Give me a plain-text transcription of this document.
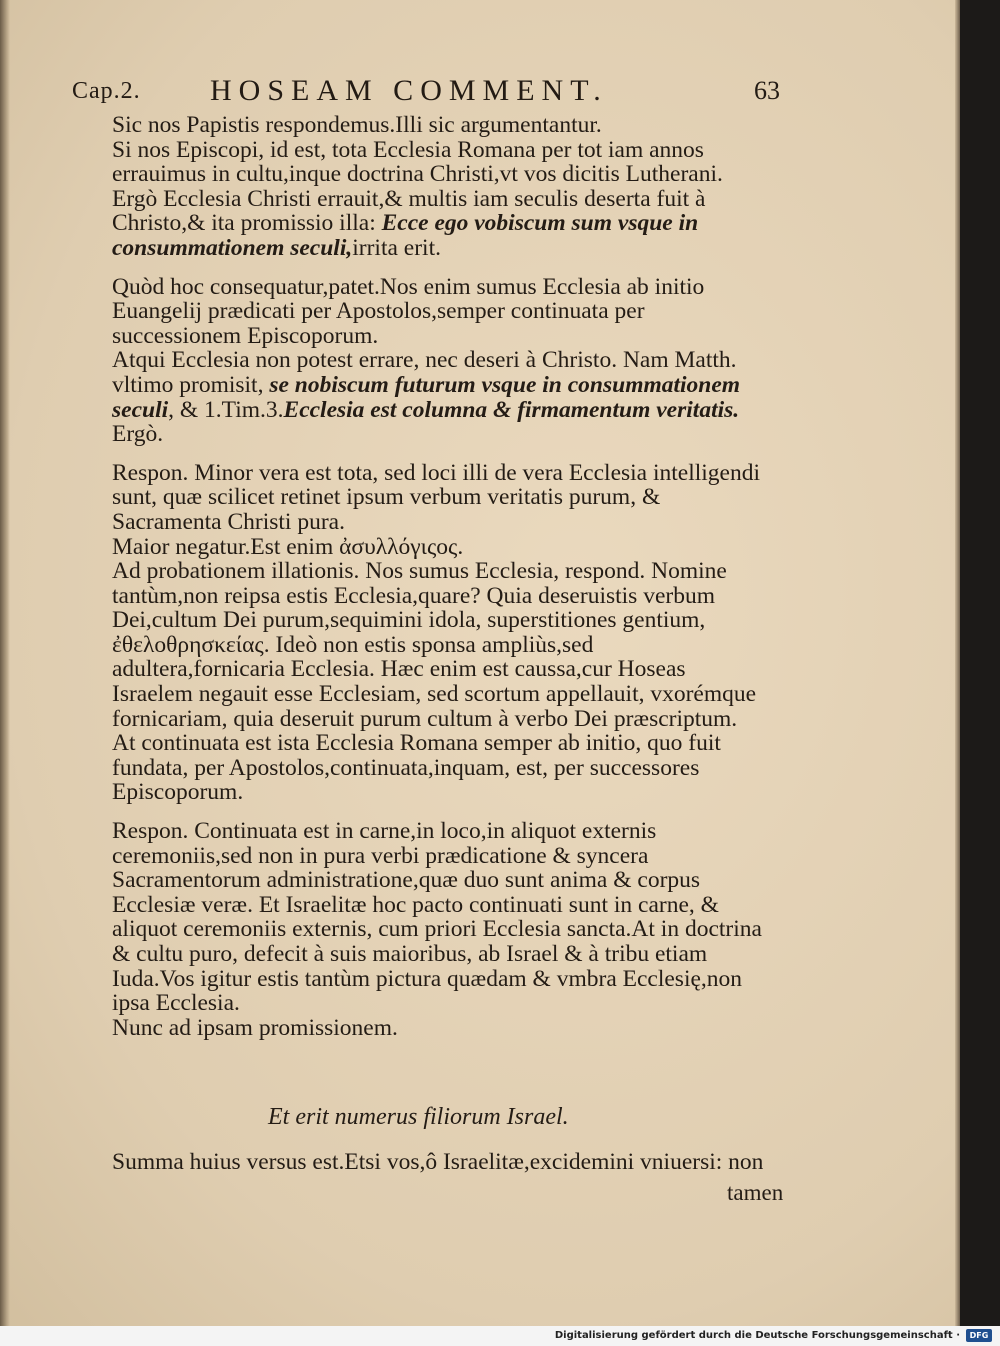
Cap.2. HOSEAM COMMENT.	63

Sic nos Papistis respondemus.Illi sic argumentantur.

Si nos Episcopi, id est, tota Ecclesia Romana per tot iam annos errauimus in cultu,inque doctrina Christi,vt vos dicitis Lutherani.

Ergò Ecclesia Christi errauit,& multis iam seculis deserta fuit à Christo,& ita promissio illa: Ecce ego vobiscum sum vsque in consummationem seculi,irrita erit.

Quòd hoc consequatur,patet.Nos enim sumus Ecclesia ab initio Euangelij prædicati per Apostolos,semper continuata per successionem Episcoporum.

Atqui Ecclesia non potest errare, nec deseri à Christo. Nam Matth. vltimo promisit, se nobiscum futurum vsque in consummationem seculi, & 1.Tim.3.Ecclesia est columna & firmamentum veritatis.

Ergò.

Respon. Minor vera est tota, sed loci illi de vera Ecclesia intelligendi sunt, quæ scilicet retinet ipsum verbum veritatis purum, & Sacramenta Christi pura.

Maior negatur.Est enim ἀσυλλόγιςος.

Ad probationem illationis. Nos sumus Ecclesia, respond. Nomine tantùm,non reipsa estis Ecclesia,quare? Quia deseruistis verbum Dei,cultum Dei purum,sequimini idola, superstitiones gentium, ἐθελοθρησκείας. Ideò non estis sponsa ampliùs,sed adultera,fornicaria Ecclesia. Hæc enim est caussa,cur Hoseas Israelem negauit esse Ecclesiam, sed scortum appellauit, vxorémque fornicariam, quia deseruit purum cultum à verbo Dei præscriptum.

At continuata est ista Ecclesia Romana semper ab initio, quo fuit fundata, per Apostolos,continuata,inquam, est, per successores Episcoporum.

Respon. Continuata est in carne,in loco,in aliquot externis ceremoniis,sed non in pura verbi prædicatione & syncera Sacramentorum administratione,quæ duo sunt anima & corpus Ecclesiæ veræ. Et Israelitæ hoc pacto continuati sunt in carne, & aliquot ceremoniis externis, cum priori Ecclesia sancta.At in doctrina & cultu puro, defecit à suis maioribus, ab Israel & à tribu etiam Iuda.Vos igitur estis tantùm pictura quædam & vmbra Ecclesię,non ipsa Ecclesia.

Nunc ad ipsam promissionem.

Et erit numerus filiorum Israel.
Summa huius versus est.Etsi vos,ô Israelitæ,excidemini vniuersi: non
tamen
Digitalisierung gefördert durch die Deutsche Forschungsgemeinschaft ·	DFG
